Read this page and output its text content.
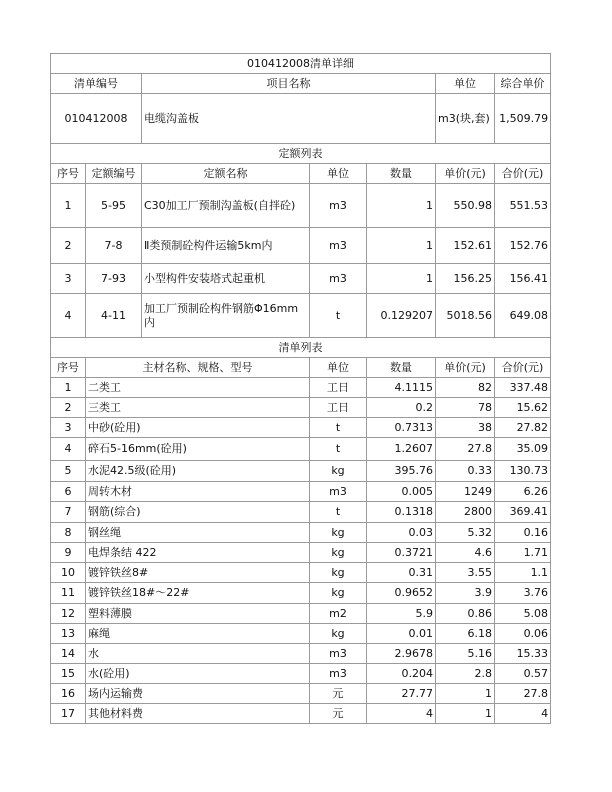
010412008清单详细						
清单编号		项目名称			单位	综合单价
010412008		电缆沟盖板			m3(块,套)	1,509.79
定额列表						
序号	定额编号	定额名称	单位	数量	单价(元)	合价(元)
1	5-95	C30加工厂预制沟盖板(自拌砼)	m3	1	550.98	551.53
2	7-8	Ⅱ类预制砼构件运输5km内	m3	1	152.61	152.76
3	7-93	小型构件安装塔式起重机	m3	1	156.25	156.41
4	4-11	加工厂预制砼构件钢筋Φ16mm内	t	0.129207	5018.56	649.08
清单列表						
序号	主材名称、规格、型号		单位	数量	单价(元)	合价(元)
1	二类工		工日	4.1115	82	337.48
2	三类工		工日	0.2	78	15.62
3	中砂(砼用)		t	0.7313	38	27.82
4	碎石5-16mm(砼用)		t	1.2607	27.8	35.09
5	水泥42.5级(砼用)		kg	395.76	0.33	130.73
6	周转木材		m3	0.005	1249	6.26
7	钢筋(综合)		t	0.1318	2800	369.41
8	钢丝绳		kg	0.03	5.32	0.16
9	电焊条结 422		kg	0.3721	4.6	1.71
10	镀锌铁丝8#		kg	0.31	3.55	1.1
11	镀锌铁丝18#～22#		kg	0.9652	3.9	3.76
12	塑料薄膜		m2	5.9	0.86	5.08
13	麻绳		kg	0.01	6.18	0.06
14	水		m3	2.9678	5.16	15.33
15	水(砼用)		m3	0.204	2.8	0.57
16	场内运输费		元	27.77	1	27.8
17	其他材料费		元	4	1	4
